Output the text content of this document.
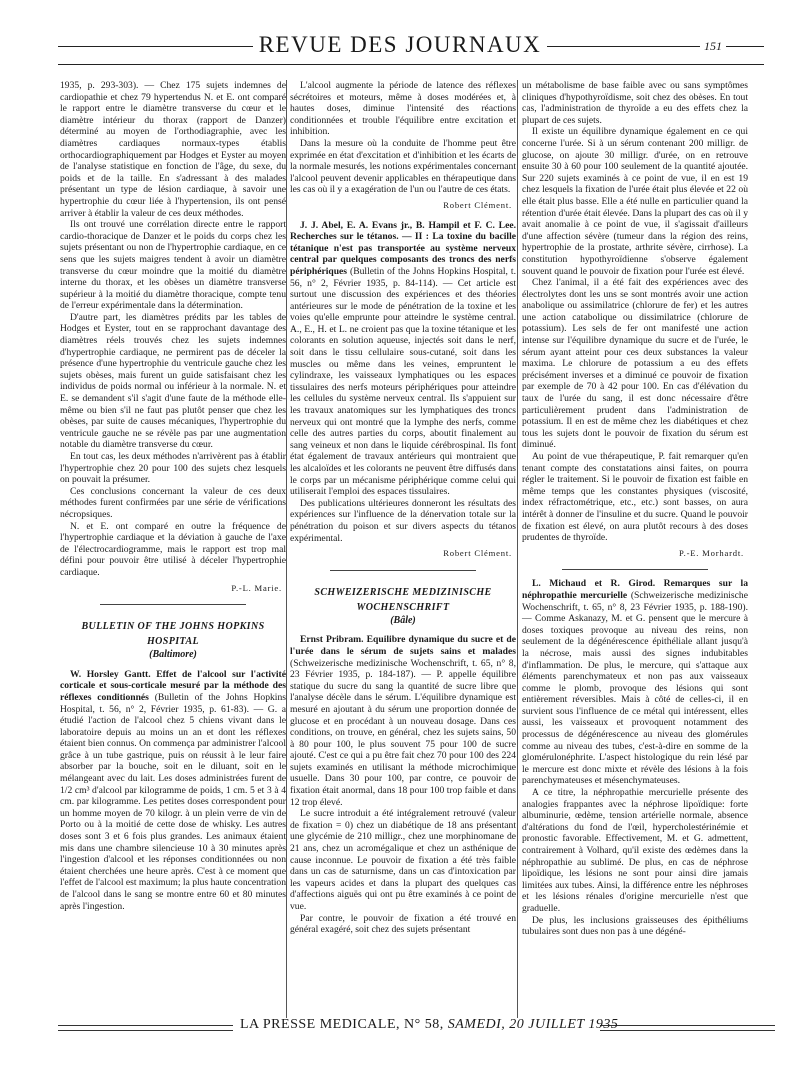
REVUE DES JOURNAUX	151

1935, p. 293-303). — Chez 175 sujets indemnes de cardiopathie et chez 79 hypertendus N. et E. ont comparé le rapport entre le diamètre transverse du cœur et le diamètre intérieur du thorax (rapport de Danzer) déterminé au moyen de l'orthodiagraphie, avec les diamètres cardiaques normaux-types établis orthocardiographiquement par Hodges et Eyster au moyen de l'analyse statistique en fonction de l'âge, du sexe, du poids et de la taille. En s'adressant à des malades présentant un type de lésion cardiaque, à savoir une hypertrophie du cœur liée à l'hypertension, ils ont pensé arriver à établir la valeur de ces deux méthodes.

Ils ont trouvé une corrélation directe entre le rapport cardio-thoracique de Danzer et le poids du corps chez les sujets présentant ou non de l'hypertrophie cardiaque, en ce sens que les sujets maigres tendent à avoir un diamètre transverse du cœur moindre que la moitié du diamètre interne du thorax, et les obèses un diamètre transverse supérieur à la moitié du diamètre thoracique, compte tenu de l'erreur expérimentale dans la détermination.

D'autre part, les diamètres prédits par les tables de Hodges et Eyster, tout en se rapprochant davantage des diamètres réels trouvés chez les sujets indemnes d'hypertrophie cardiaque, ne permirent pas de déceler la présence d'une hypertrophie du ventricule gauche chez les sujets obèses, mais furent un guide satisfaisant chez les individus de poids normal ou inférieur à la normale. N. et E. se demandent s'il s'agit d'une faute de la méthode elle-même ou bien s'il ne faut pas plutôt penser que chez les obèses, par suite de causes mécaniques, l'hypertrophie du ventricule gauche ne se révèle pas par une augmentation notable du diamètre transverse du cœur.

En tout cas, les deux méthodes n'arrivèrent pas à établir l'hypertrophie chez 20 pour 100 des sujets chez lesquels on pouvait la présumer.

Ces conclusions concernant la valeur de ces deux méthodes furent confirmées par une série de vérifications nécropsiques.

N. et E. ont comparé en outre la fréquence de l'hypertrophie cardiaque et la déviation à gauche de l'axe de l'électrocardiogramme, mais le rapport est trop mal défini pour pouvoir être utilisé à déceler l'hypertrophie cardiaque.

P.-L. Marie.

BULLETIN OF THE JOHNS HOPKINS HOSPITAL

(Baltimore)

W. Horsley Gantt. Effet de l'alcool sur l'activité corticale et sous-corticale mesuré par la méthode des réflexes conditionnés (Bulletin of the Johns Hopkins Hospital, t. 56, n° 2, Février 1935, p. 61-83). — G. a étudié l'action de l'alcool chez 5 chiens vivant dans le laboratoire depuis au moins un an et dont les réflexes étaient bien connus. On commença par administrer l'alcool grâce à un tube gastrique, puis on réussit à le leur faire absorber par la bouche, soit en le diluant, soit en le mélangeant avec du lait. Les doses administrées furent de 1/2 cm³ d'alcool par kilogramme de poids, 1 cm. 5 et 3 à 4 cm. par kilogramme. Les petites doses correspondent pour un homme moyen de 70 kilogr. à un plein verre de vin de Porto ou à la moitié de cette dose de whisky. Les autres doses sont 3 et 6 fois plus grandes. Les animaux étaient mis dans une chambre silencieuse 10 à 30 minutes après l'ingestion d'alcool et les réponses conditionnées ou non étaient cherchées une heure après. C'est à ce moment que l'effet de l'alcool est maximum; la plus haute concentration de l'alcool dans le sang se montre entre 60 et 80 minutes après l'ingestion.

L'alcool augmente la période de latence des réflexes sécrétoires et moteurs, même à doses modérées et, à hautes doses, diminue l'intensité des réactions conditionnées et trouble l'équilibre entre excitation et inhibition.

Dans la mesure où la conduite de l'homme peut être exprimée en état d'excitation et d'inhibition et les écarts de la normale mesurés, les notions expérimentales concernant l'alcool peuvent devenir applicables en thérapeutique dans les cas où il y a exagération de l'un ou l'autre de ces états.

Robert Clément.

J. J. Abel, E. A. Evans jr., B. Hampil et F. C. Lee. Recherches sur le tétanos. — II : La toxine du bacille tétanique n'est pas transportée au système nerveux central par quelques composants des troncs des nerfs périphériques (Bulletin of the Johns Hopkins Hospital, t. 56, n° 2, Février 1935, p. 84-114). — Cet article est surtout une discussion des expériences et des théories antérieures sur le mode de pénétration de la toxine et les voies qu'elle emprunte pour atteindre le système central. A., E., H. et L. ne croient pas que la toxine tétanique et les colorants en solution aqueuse, injectés soit dans le nerf, soit dans le tissu cellulaire sous-cutané, soit dans les muscles ou même dans les veines, empruntent le cylindraxe, les vaisseaux lymphatiques ou les espaces tissulaires des nerfs moteurs périphériques pour atteindre les cellules du système nerveux central. Ils s'appuient sur les travaux anatomiques sur les lymphatiques des troncs nerveux qui ont montré que la lymphe des nerfs, comme celle des autres parties du corps, aboutit finalement au sang veineux et non dans le liquide cérébrospinal. Ils font état également de travaux antérieurs qui montraient que les alcaloïdes et les colorants ne peuvent être diffusés dans le corps par un mécanisme périphérique comme celui qui utiliserait l'emploi des espaces tissulaires.

Des publications ultérieures donneront les résultats des expériences sur l'influence de la dénervation totale sur la pénétration du poison et sur divers aspects du tétanos expérimental.

Robert Clément.

SCHWEIZERISCHE MEDIZINISCHE WOCHENSCHRIFT

(Bâle)

Ernst Pribram. Equilibre dynamique du sucre et de l'urée dans le sérum de sujets sains et malades (Schweizerische medizinische Wochenschrift, t. 65, n° 8, 23 Février 1935, p. 184-187). — P. appelle équilibre statique du sucre du sang la quantité de sucre libre que l'analyse décèle dans le sérum. L'équilibre dynamique est mesuré en ajoutant à du sérum une proportion donnée de glucose et en procédant à un nouveau dosage. Dans ces conditions, on trouve, en général, chez les sujets sains, 50 à 80 pour 100, le plus souvent 75 pour 100 de sucre ajouté. C'est ce qui a pu être fait chez 70 pour 100 des 224 sujets examinés en utilisant la méthode microchimique usuelle. Dans 30 pour 100, par contre, ce pouvoir de fixation était anormal, dans 18 pour 100 trop faible et dans 12 trop élevé.

Le sucre introduit a été intégralement retrouvé (valeur de fixation = 0) chez un diabétique de 18 ans présentant une glycémie de 210 milligr., chez une morphinomane de 21 ans, chez un acromégalique et chez un asthénique de cause inconnue. Le pouvoir de fixation a été très faible dans un cas de saturnisme, dans un cas d'intoxication par les vapeurs acides et dans la plupart des quelques cas d'affections aiguës qui ont pu être examinés à ce point de vue.

Par contre, le pouvoir de fixation a été trouvé en général exagéré, soit chez des sujets présentant

un métabolisme de base faible avec ou sans symptômes cliniques d'hypothyroïdisme, soit chez des obèses. En tout cas, l'administration de thyroïde a eu des effets chez la plupart de ces sujets.

Il existe un équilibre dynamique également en ce qui concerne l'urée. Si à un sérum contenant 200 milligr. de glucose, on ajoute 30 milligr. d'urée, on en retrouve ensuite 30 à 60 pour 100 seulement de la quantité ajoutée. Sur 220 sujets examinés à ce point de vue, il en est 19 chez lesquels la fixation de l'urée était plus élevée et 22 où elle était plus basse. Elle a été nulle en particulier quand la rétention d'urée était élevée. Dans la plupart des cas où il y avait anomalie à ce point de vue, il s'agissait d'ailleurs d'une affection sévère (tumeur dans la région des reins, hypertrophie de la prostate, arthrite sévère, cirrhose). La constitution hypothyroïdienne s'observe également souvent quand le pouvoir de fixation pour l'urée est élevé.

Chez l'animal, il a été fait des expériences avec des électrolytes dont les uns se sont montrés avoir une action anabolique ou assimilatrice (chlorure de fer) et les autres une action catabolique ou dissimilatrice (chlorure de potassium). Les sels de fer ont manifesté une action intense sur l'équilibre dynamique du sucre et de l'urée, le sérum ayant atteint pour ces deux substances la valeur maxima. Le chlorure de potassium a eu des effets précisément inverses et a diminué ce pouvoir de fixation par exemple de 70 à 42 pour 100. En cas d'élévation du taux de l'urée du sang, il est donc nécessaire d'être particulièrement prudent dans l'administration de potassium. Il en est de même chez les diabétiques et chez tous les sujets dont le pouvoir de fixation du sérum est diminué.

Au point de vue thérapeutique, P. fait remarquer qu'en tenant compte des constatations ainsi faites, on pourra régler le traitement. Si le pouvoir de fixation est faible en même temps que les constantes physiques (viscosité, index réfractométrique, etc., etc.) sont basses, on aura intérêt à donner de l'insuline et du sucre. Quand le pouvoir de fixation est élevé, on aura plutôt recours à des doses prudentes de thyroïde.

P.-E. Morhardt.

L. Michaud et R. Girod. Remarques sur la néphropathie mercurielle (Schweizerische medizinische Wochenschrift, t. 65, n° 8, 23 Février 1935, p. 188-190). — Comme Askanazy, M. et G. pensent que le mercure à doses toxiques provoque au niveau des reins, non seulement de la dégénérescence épithéliale allant jusqu'à la nécrose, mais aussi des signes indubitables d'inflammation. De plus, le mercure, qui s'attaque aux éléments parenchymateux et non pas aux vaisseaux comme le plomb, provoque des lésions qui sont entièrement réversibles. Mais à côté de celles-ci, il en survient sous l'influence de ce métal qui intéressent, elles aussi, les vaisseaux et provoquent notamment des processus de dégénérescence au niveau des glomérules comme au niveau des tubes, c'est-à-dire en somme de la glomérulonéphrite. L'aspect histologique du rein lésé par le mercure est donc mixte et révèle des lésions à la fois parenchymateuses et mésenchymateuses.

A ce titre, la néphropathie mercurielle présente des analogies frappantes avec la néphrose lipoïdique: forte albuminurie, œdème, tension artérielle normale, absence d'altérations du fond de l'œil, hypercholestérinémie et pronostic favorable. Effectivement, M. et G. admettent, contrairement à Volhard, qu'il existe des œdèmes dans la néphropathie au sublimé. De plus, en cas de néphrose lipoïdique, les lésions ne sont pour ainsi dire jamais limitées aux tubes. Ainsi, la différence entre les néphroses et les lésions rénales d'origine mercurielle n'est que graduelle.

De plus, les inclusions graisseuses des épithéliums tubulaires sont dues non pas à une dégéné-

LA PRESSE MEDICALE, N° 58, SAMEDI, 20 JUILLET 1935
